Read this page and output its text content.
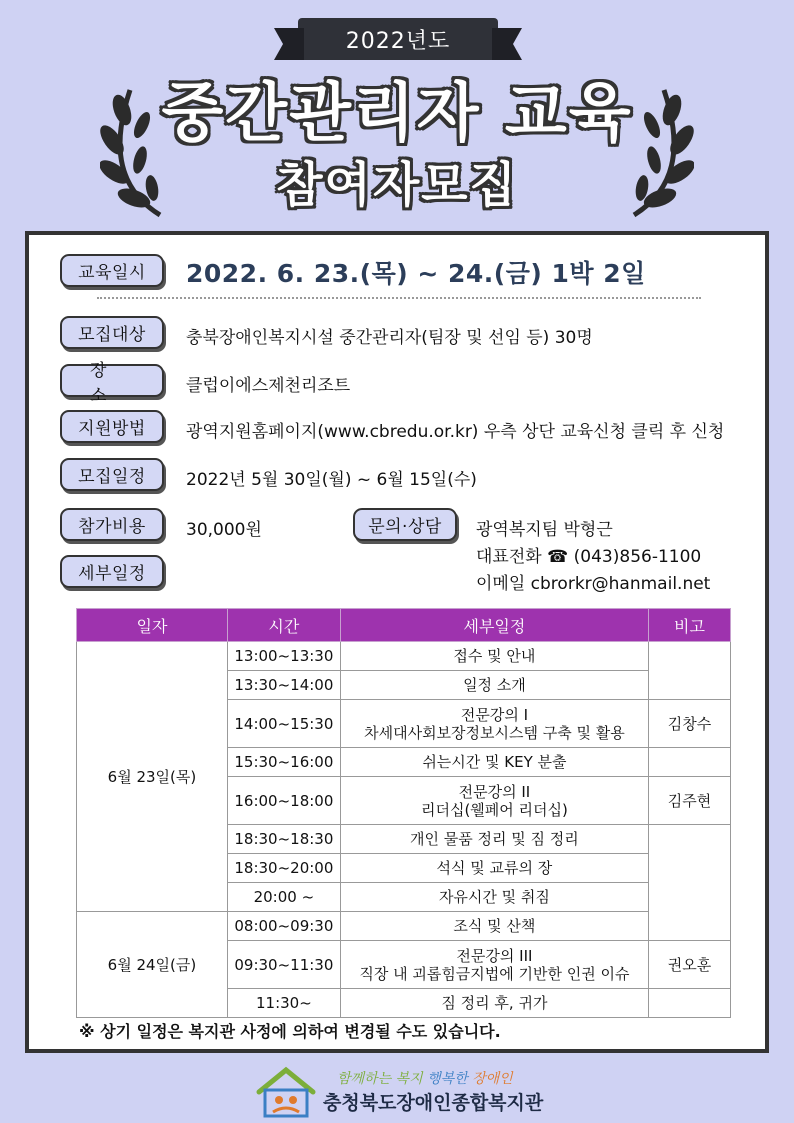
2022년도
중간관리자 교육
참여자모집
교육일시	2022. 6. 23.(목) ~ 24.(금) 1박 2일
모집대상	충북장애인복지시설 중간관리자(팀장 및 선임 등) 30명
장 소	클럽이에스제천리조트
지원방법	광역지원홈페이지(www.cbredu.or.kr) 우측 상단 교육신청 클릭 후 신청
모집일정	2022년 5월 30일(월) ~ 6월 15일(수)
참가비용	30,000원	문의·상담	광역복지팀 박형근
대표전화 ☎ (043)856-1100
이메일 cbrorkr@hanmail.net
세부일정
일자	시간	세부일정	비고
6월 23일(목)	13:00~13:30	접수 및 안내	
	13:30~14:00	일정 소개	
	14:00~15:30	전문강의 I
차세대사회보장정보시스템 구축 및 활용	김창수
	15:30~16:00	쉬는시간 및 KEY 분출	
	16:00~18:00	전문강의 II
리더십(웰페어 리더십)	김주현
	18:30~18:30	개인 물품 정리 및 짐 정리	
	18:30~20:00	석식 및 교류의 장	
	20:00 ~	자유시간 및 취짐	
6월 24일(금)	08:00~09:30	조식 및 산책	
	09:30~11:30	전문강의 III
직장 내 괴롭힘금지법에 기반한 인권 이슈	권오훈
	11:30~	짐 정리 후, 귀가	
※ 상기 일정은 복지관 사정에 의하여 변경될 수도 있습니다.
함께하는 복지 행복한 장애인
충청북도장애인종합복지관
